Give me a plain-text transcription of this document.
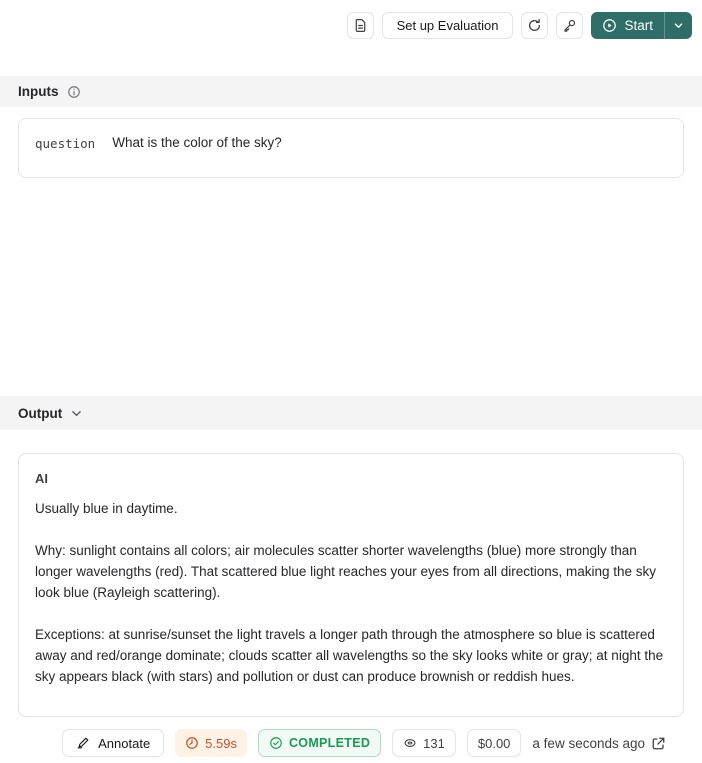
Set up Evaluation	Start
Inputs
question What is the color of the sky?
Output
AI

Usually blue in daytime.

Why: sunlight contains all colors; air molecules scatter shorter wavelengths (blue) more strongly than longer wavelengths (red). That scattered blue light reaches your eyes from all directions, making the sky look blue (Rayleigh scattering).

Exceptions: at sunrise/sunset the light travels a longer path through the atmosphere so blue is scattered away and red/orange dominate; clouds scatter all wavelengths so the sky looks white or gray; at night the sky appears black (with stars) and pollution or dust can produce brownish or reddish hues.

Annotate	5.59s	COMPLETED	131	$0.00 a few seconds ago
